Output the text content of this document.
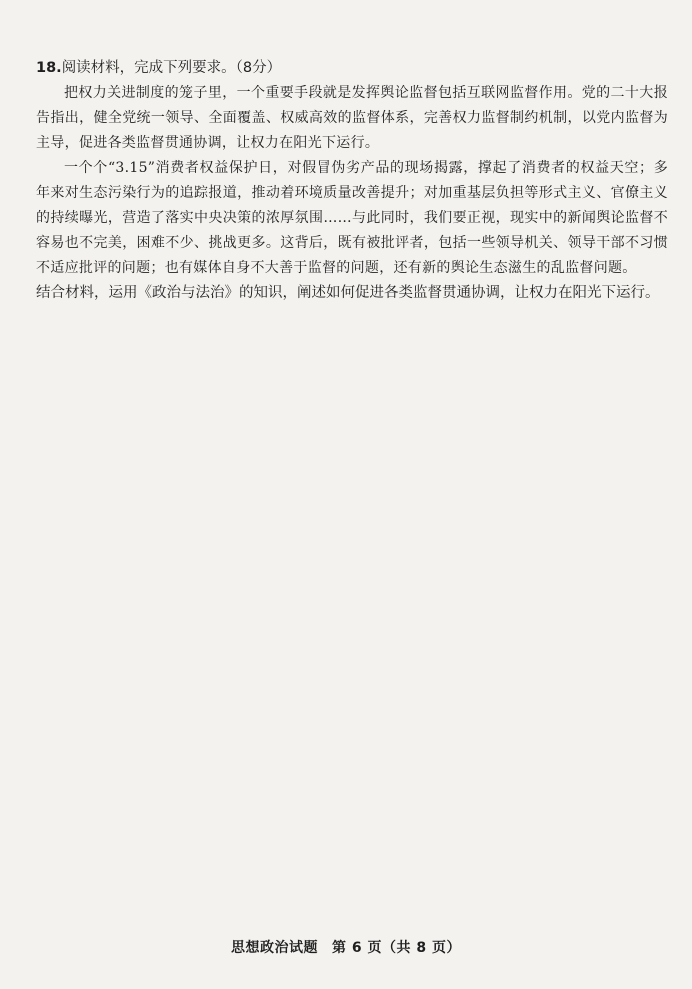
18.阅读材料，完成下列要求。（8分）

把权力关进制度的笼子里，一个重要手段就是发挥舆论监督包括互联网监督作用。党的二十大报告指出，健全党统一领导、全面覆盖、权威高效的监督体系，完善权力监督制约机制，以党内监督为主导，促进各类监督贯通协调，让权力在阳光下运行。

一个个“3.15”消费者权益保护日，对假冒伪劣产品的现场揭露，撑起了消费者的权益天空；多年来对生态污染行为的追踪报道，推动着环境质量改善提升；对加重基层负担等形式主义、官僚主义的持续曝光，营造了落实中央决策的浓厚氛围……与此同时，我们要正视，现实中的新闻舆论监督不容易也不完美，困难不少、挑战更多。这背后，既有被批评者，包括一些领导机关、领导干部不习惯不适应批评的问题；也有媒体自身不大善于监督的问题，还有新的舆论生态滋生的乱监督问题。

结合材料，运用《政治与法治》的知识，阐述如何促进各类监督贯通协调，让权力在阳光下运行。

思想政治试题 第 6 页（共 8 页）
